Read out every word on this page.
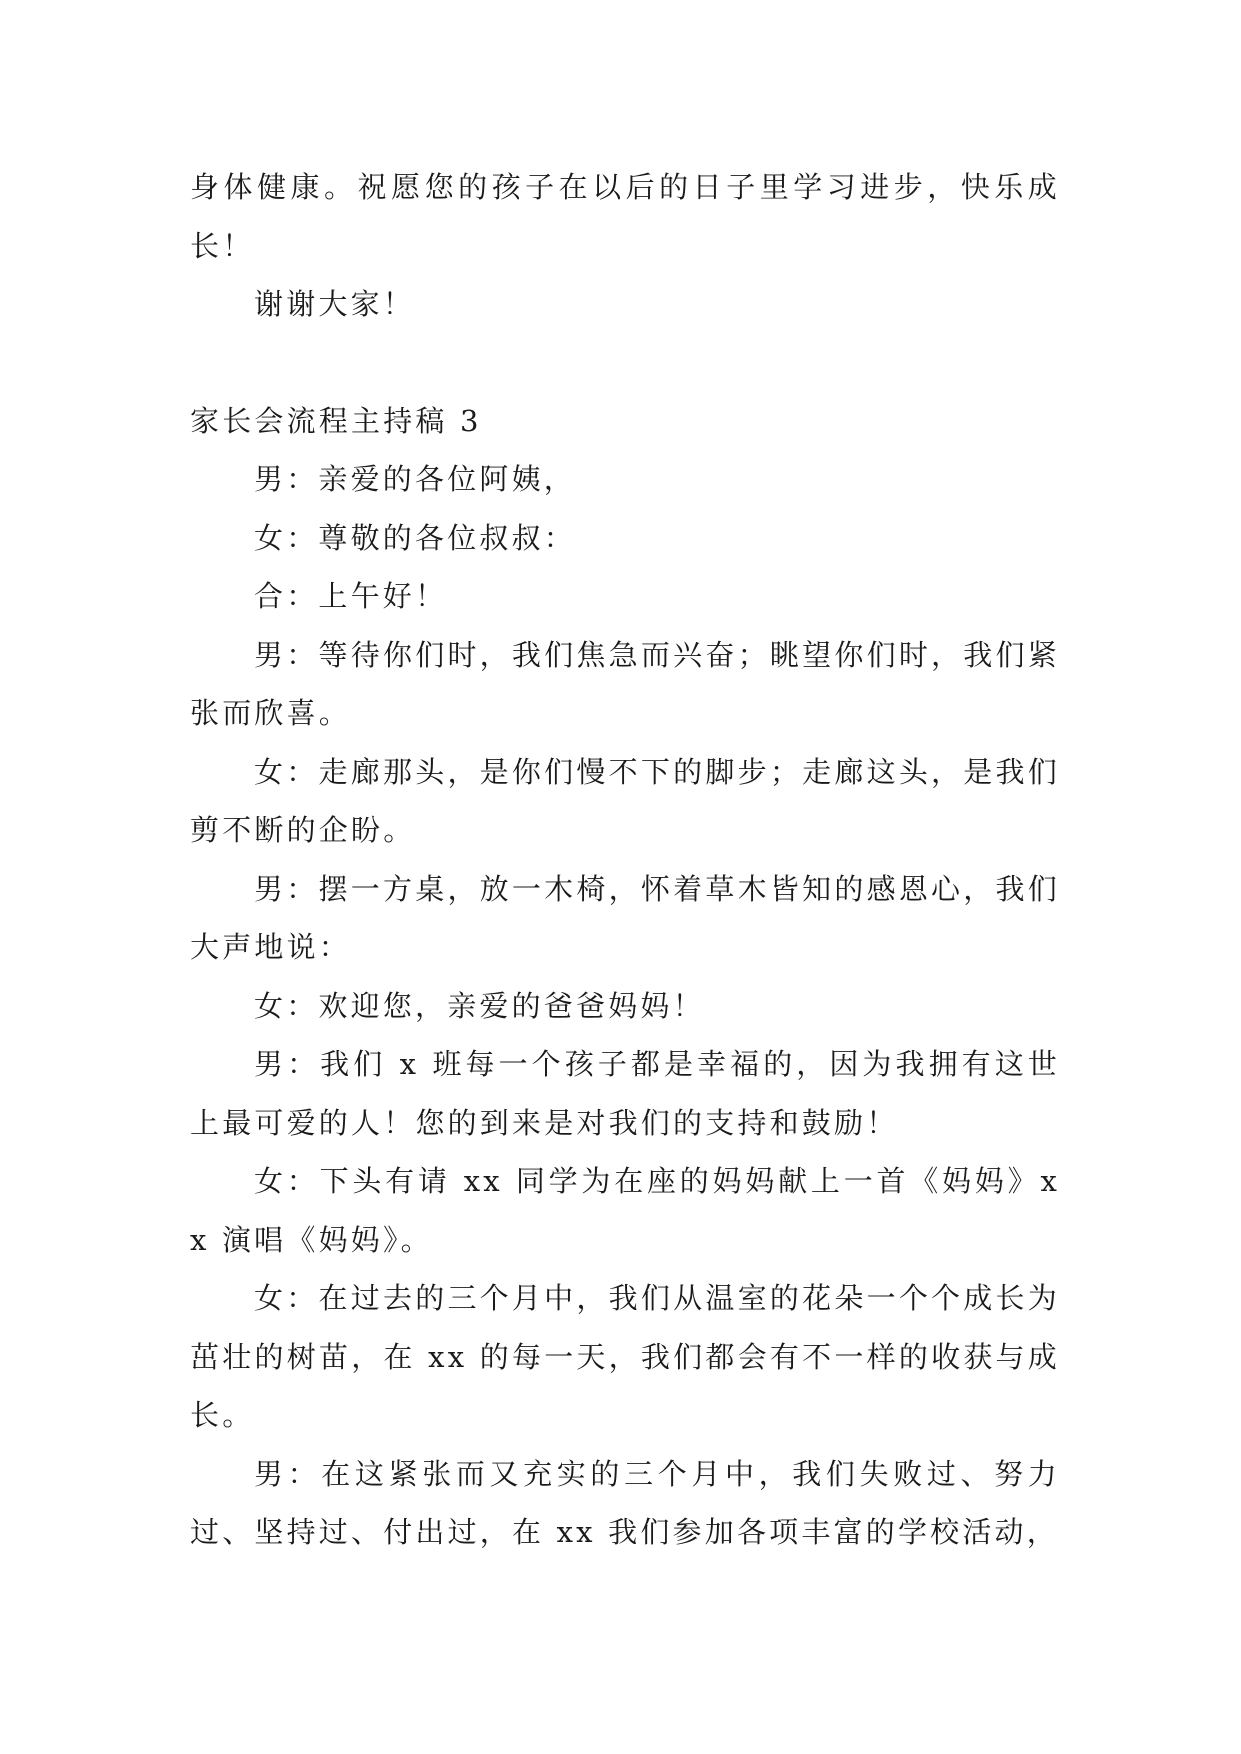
身体健康。祝愿您的孩子在以后的日子里学习进步，快乐成长！

谢谢大家！

家长会流程主持稿 3

男：亲爱的各位阿姨，

女：尊敬的各位叔叔：

合：上午好！

男：等待你们时，我们焦急而兴奋；眺望你们时，我们紧张而欣喜。

女：走廊那头，是你们慢不下的脚步；走廊这头，是我们剪不断的企盼。

男：摆一方桌，放一木椅，怀着草木皆知的感恩心，我们大声地说：

女：欢迎您，亲爱的爸爸妈妈！

男：我们 x 班每一个孩子都是幸福的，因为我拥有这世上最可爱的人！您的到来是对我们的支持和鼓励！

女：下头有请 xx 同学为在座的妈妈献上一首《妈妈》xx 演唱《妈妈》。

女：在过去的三个月中，我们从温室的花朵一个个成长为茁壮的树苗，在 xx 的每一天，我们都会有不一样的收获与成长。

男：在这紧张而又充实的三个月中，我们失败过、努力过、坚持过、付出过，在 xx 我们参加各项丰富的学校活动，
